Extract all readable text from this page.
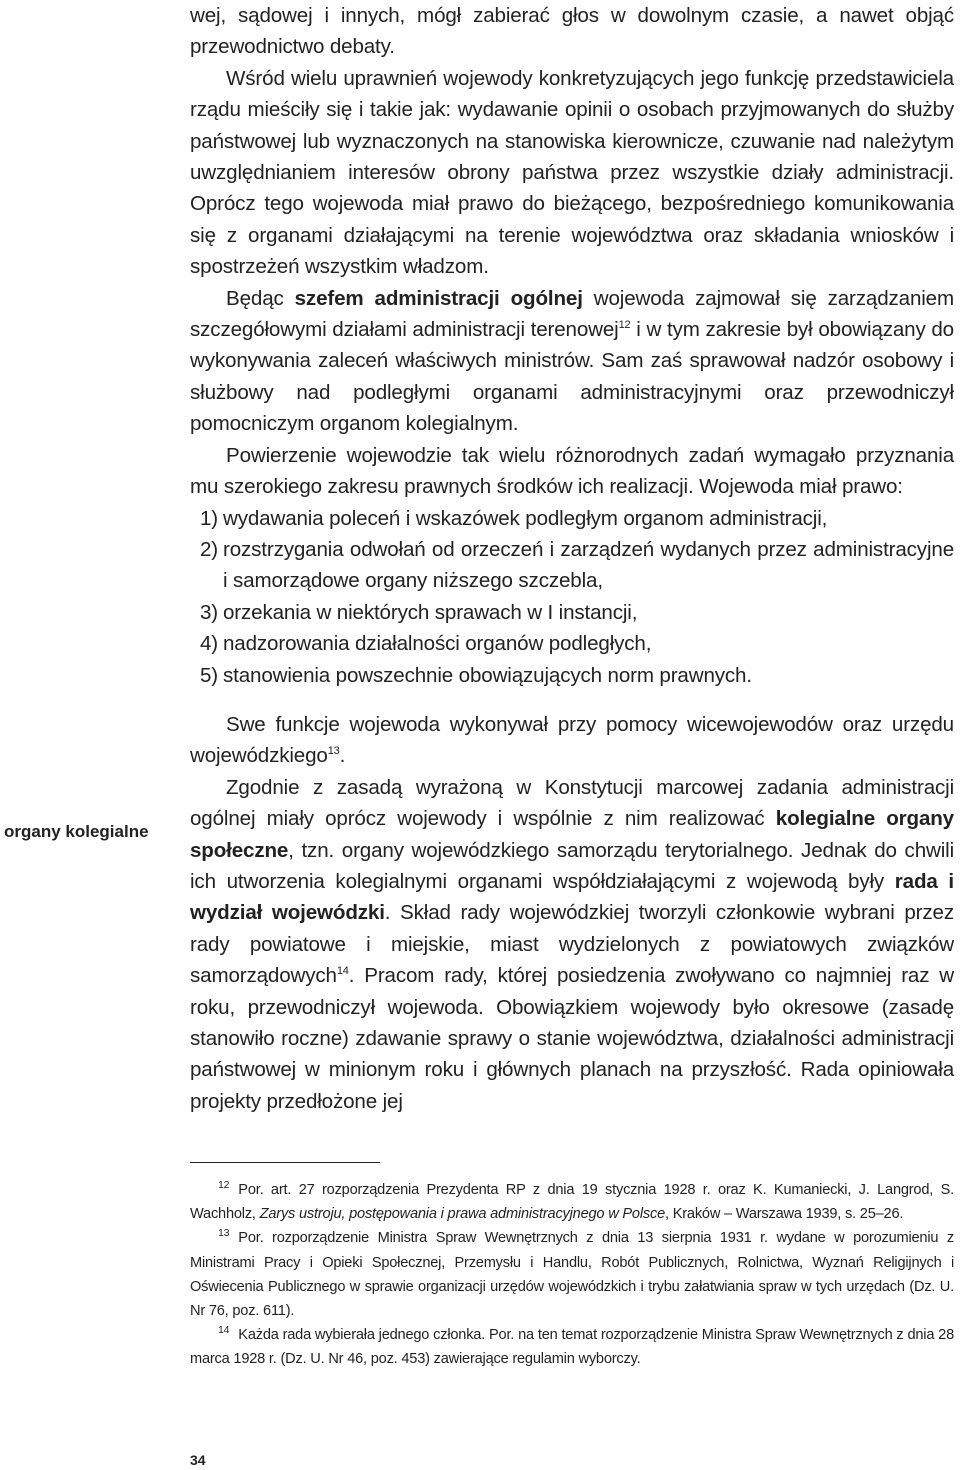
wej, sądowej i innych, mógł zabierać głos w dowolnym czasie, a nawet objąć przewodnictwo debaty.

Wśród wielu uprawnień wojewody konkretyzujących jego funkcję przedstawiciela rządu mieściły się i takie jak: wydawanie opinii o osobach przyjmowanych do służby państwowej lub wyznaczonych na stanowiska kierownicze, czuwanie nad należytym uwzględnianiem interesów obrony państwa przez wszystkie działy administracji. Oprócz tego wojewoda miał prawo do bieżącego, bezpośredniego komunikowania się z organami działającymi na terenie województwa oraz składania wniosków i spostrzeżeń wszystkim władzom.

Będąc szefem administracji ogólnej wojewoda zajmował się zarządzaniem szczegółowymi działami administracji terenowej$^{12}$ i w tym zakresie był obowiązany do wykonywania zaleceń właściwych ministrów. Sam zaś sprawował nadzór osobowy i służbowy nad podległymi organami administracyjnymi oraz przewodniczył pomocniczym organom kolegialnym.

Powierzenie wojewodzie tak wielu różnorodnych zadań wymagało przyznania mu szerokiego zakresu prawnych środków ich realizacji. Wojewoda miał prawo:

1) wydawania poleceń i wskazówek podległym organom administracji,
2) rozstrzygania odwołań od orzeczeń i zarządzeń wydanych przez administracyjne i samorządowe organy niższego szczebla,
3) orzekania w niektórych sprawach w I instancji,
4) nadzorowania działalności organów podległych,
5) stanowienia powszechnie obowiązujących norm prawnych.

Swe funkcje wojewoda wykonywał przy pomocy wicewojewodów oraz urzędu wojewódzkiego$^{13}$.

Zgodnie z zasadą wyrażoną w Konstytucji marcowej zadania administracji ogólnej miały oprócz wojewody i wspólnie z nim realizować kolegialne organy społeczne, tzn. organy wojewódzkiego samorządu terytorialnego. Jednak do chwili ich utworzenia kolegialnymi organami współdziałającymi z wojewodą były rada i wydział wojewódzki. Skład rady wojewódzkiej tworzyli członkowie wybrani przez rady powiatowe i miejskie, miast wydzielonych z powiatowych związków samorządowych$^{14}$. Pracom rady, której posiedzenia zwoływano co najmniej raz w roku, przewodniczył wojewoda. Obowiązkiem wojewody było okresowe (zasadę stanowiło roczne) zdawanie sprawy o stanie województwa, działalności administracji państwowej w minionym roku i głównych planach na przyszłość. Rada opiniowała projekty przedłożone jej

organy kolegialne

$^{12}$ Por. art. 27 rozporządzenia Prezydenta RP z dnia 19 stycznia 1928 r. oraz K. Kumaniecki, J. Langrod, S. Wachholz, Zarys ustroju, postępowania i prawa administracyjnego w Polsce, Kraków – Warszawa 1939, s. 25–26.

$^{13}$ Por. rozporządzenie Ministra Spraw Wewnętrznych z dnia 13 sierpnia 1931 r. wydane w porozumieniu z Ministrami Pracy i Opieki Społecznej, Przemysłu i Handlu, Robót Publicznych, Rolnictwa, Wyznań Religijnych i Oświecenia Publicznego w sprawie organizacji urzędów wojewódzkich i trybu załatwiania spraw w tych urzędach (Dz. U. Nr 76, poz. 611).

$^{14}$ Każda rada wybierała jednego członka. Por. na ten temat rozporządzenie Ministra Spraw Wewnętrznych z dnia 28 marca 1928 r. (Dz. U. Nr 46, poz. 453) zawierające regulamin wyborczy.

34
